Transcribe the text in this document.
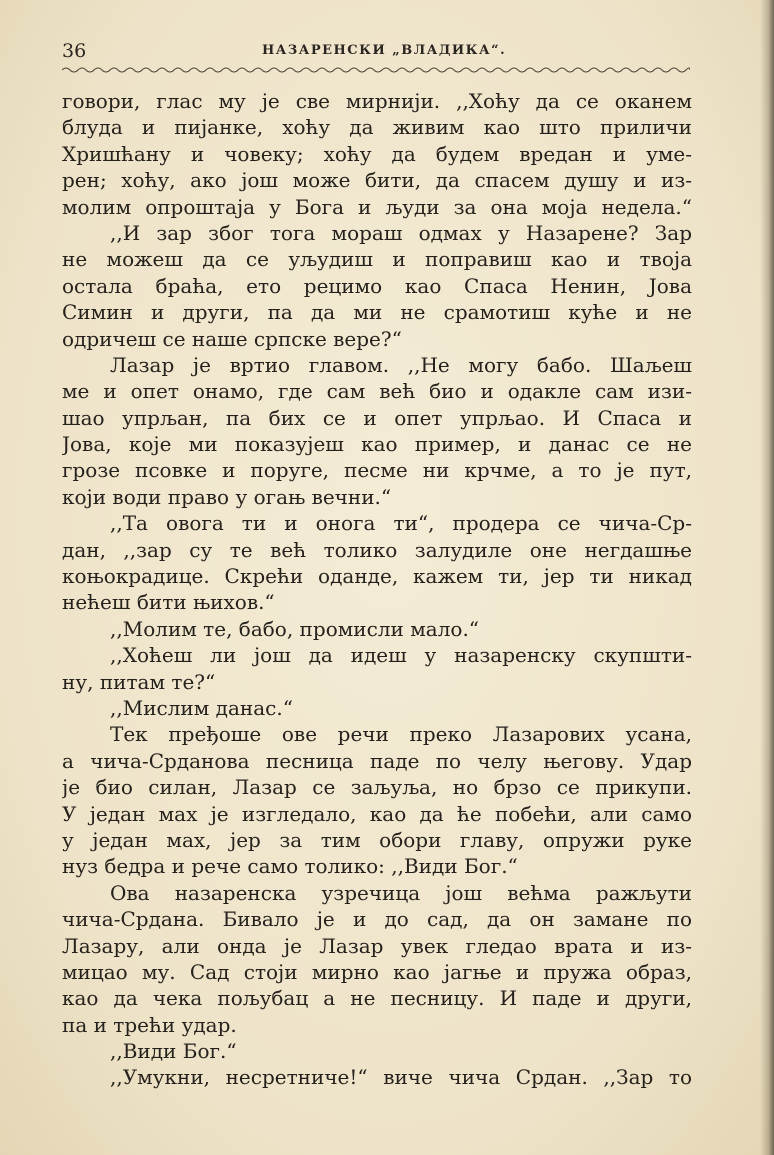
36	НАЗАРЕНСКИ „ВЛАДИКА“.
говори, глас му је све мирнији. ,,Хоћу да се оканем
блуда и пијанке, хоћу да живим као што приличи
Хришћану и човеку; хоћу да будем вредан и уме-
рен; хоћу, ако још може бити, да спасем душу и из-
молим опроштаја у Бога и људи за она моја недела.“
,,И зар због тога мораш одмах у Назарене? Зар
не можеш да се уљудиш и поправиш као и твоја
остала браћа, ето рецимо као Спаса Ненин, Јова
Симин и други, па да ми не срамотиш куће и не
одричеш се наше српске вере?“
Лазар је вртио главом. ,,Не могу бабо. Шаљеш
ме и опет онамо, где сам већ био и одакле сам изи-
шао упрљан, па бих се и опет упрљао. И Спаса и
Јова, које ми показујеш као пример, и данас се не
грозе псовке и поруге, песме ни крчме, а то је пут,
који води право у огањ вечни.“
,,Та овога ти и онога ти“, продера се чича-Ср-
дан, ,,зар су те већ толико залудиле оне негдашње
коњокрадице. Скрећи оданде, кажем ти, јер ти никад
нећеш бити њихов.“
,,Молим те, бабо, промисли мало.“
,,Хоћеш ли још да идеш у назаренску скупшти-
ну, питам те?“
,,Мислим данас.“
Тек пређоше ове речи преко Лазарових усана,
а чича-Срданова песница паде по челу његову. Удар
је био силан, Лазар се заљуља, но брзо се прикупи.
У један мах је изгледало, као да ће побећи, али само
у један мах, јер за тим обори главу, опружи руке
нуз бедра и рече само толико: ,,Види Бог.“
Ова назаренска узречица још већма ражљути
чича-Срдана. Бивало је и до сад, да он замане по
Лазару, али онда је Лазар увек гледао врата и из-
мицао му. Сад стоји мирно као јагње и пружа образ,
као да чека пољубац а не песницу. И паде и други,
па и трећи удар.
,,Види Бог.“
,,Умукни, несретниче!“ виче чича Срдан. ,,Зар то
